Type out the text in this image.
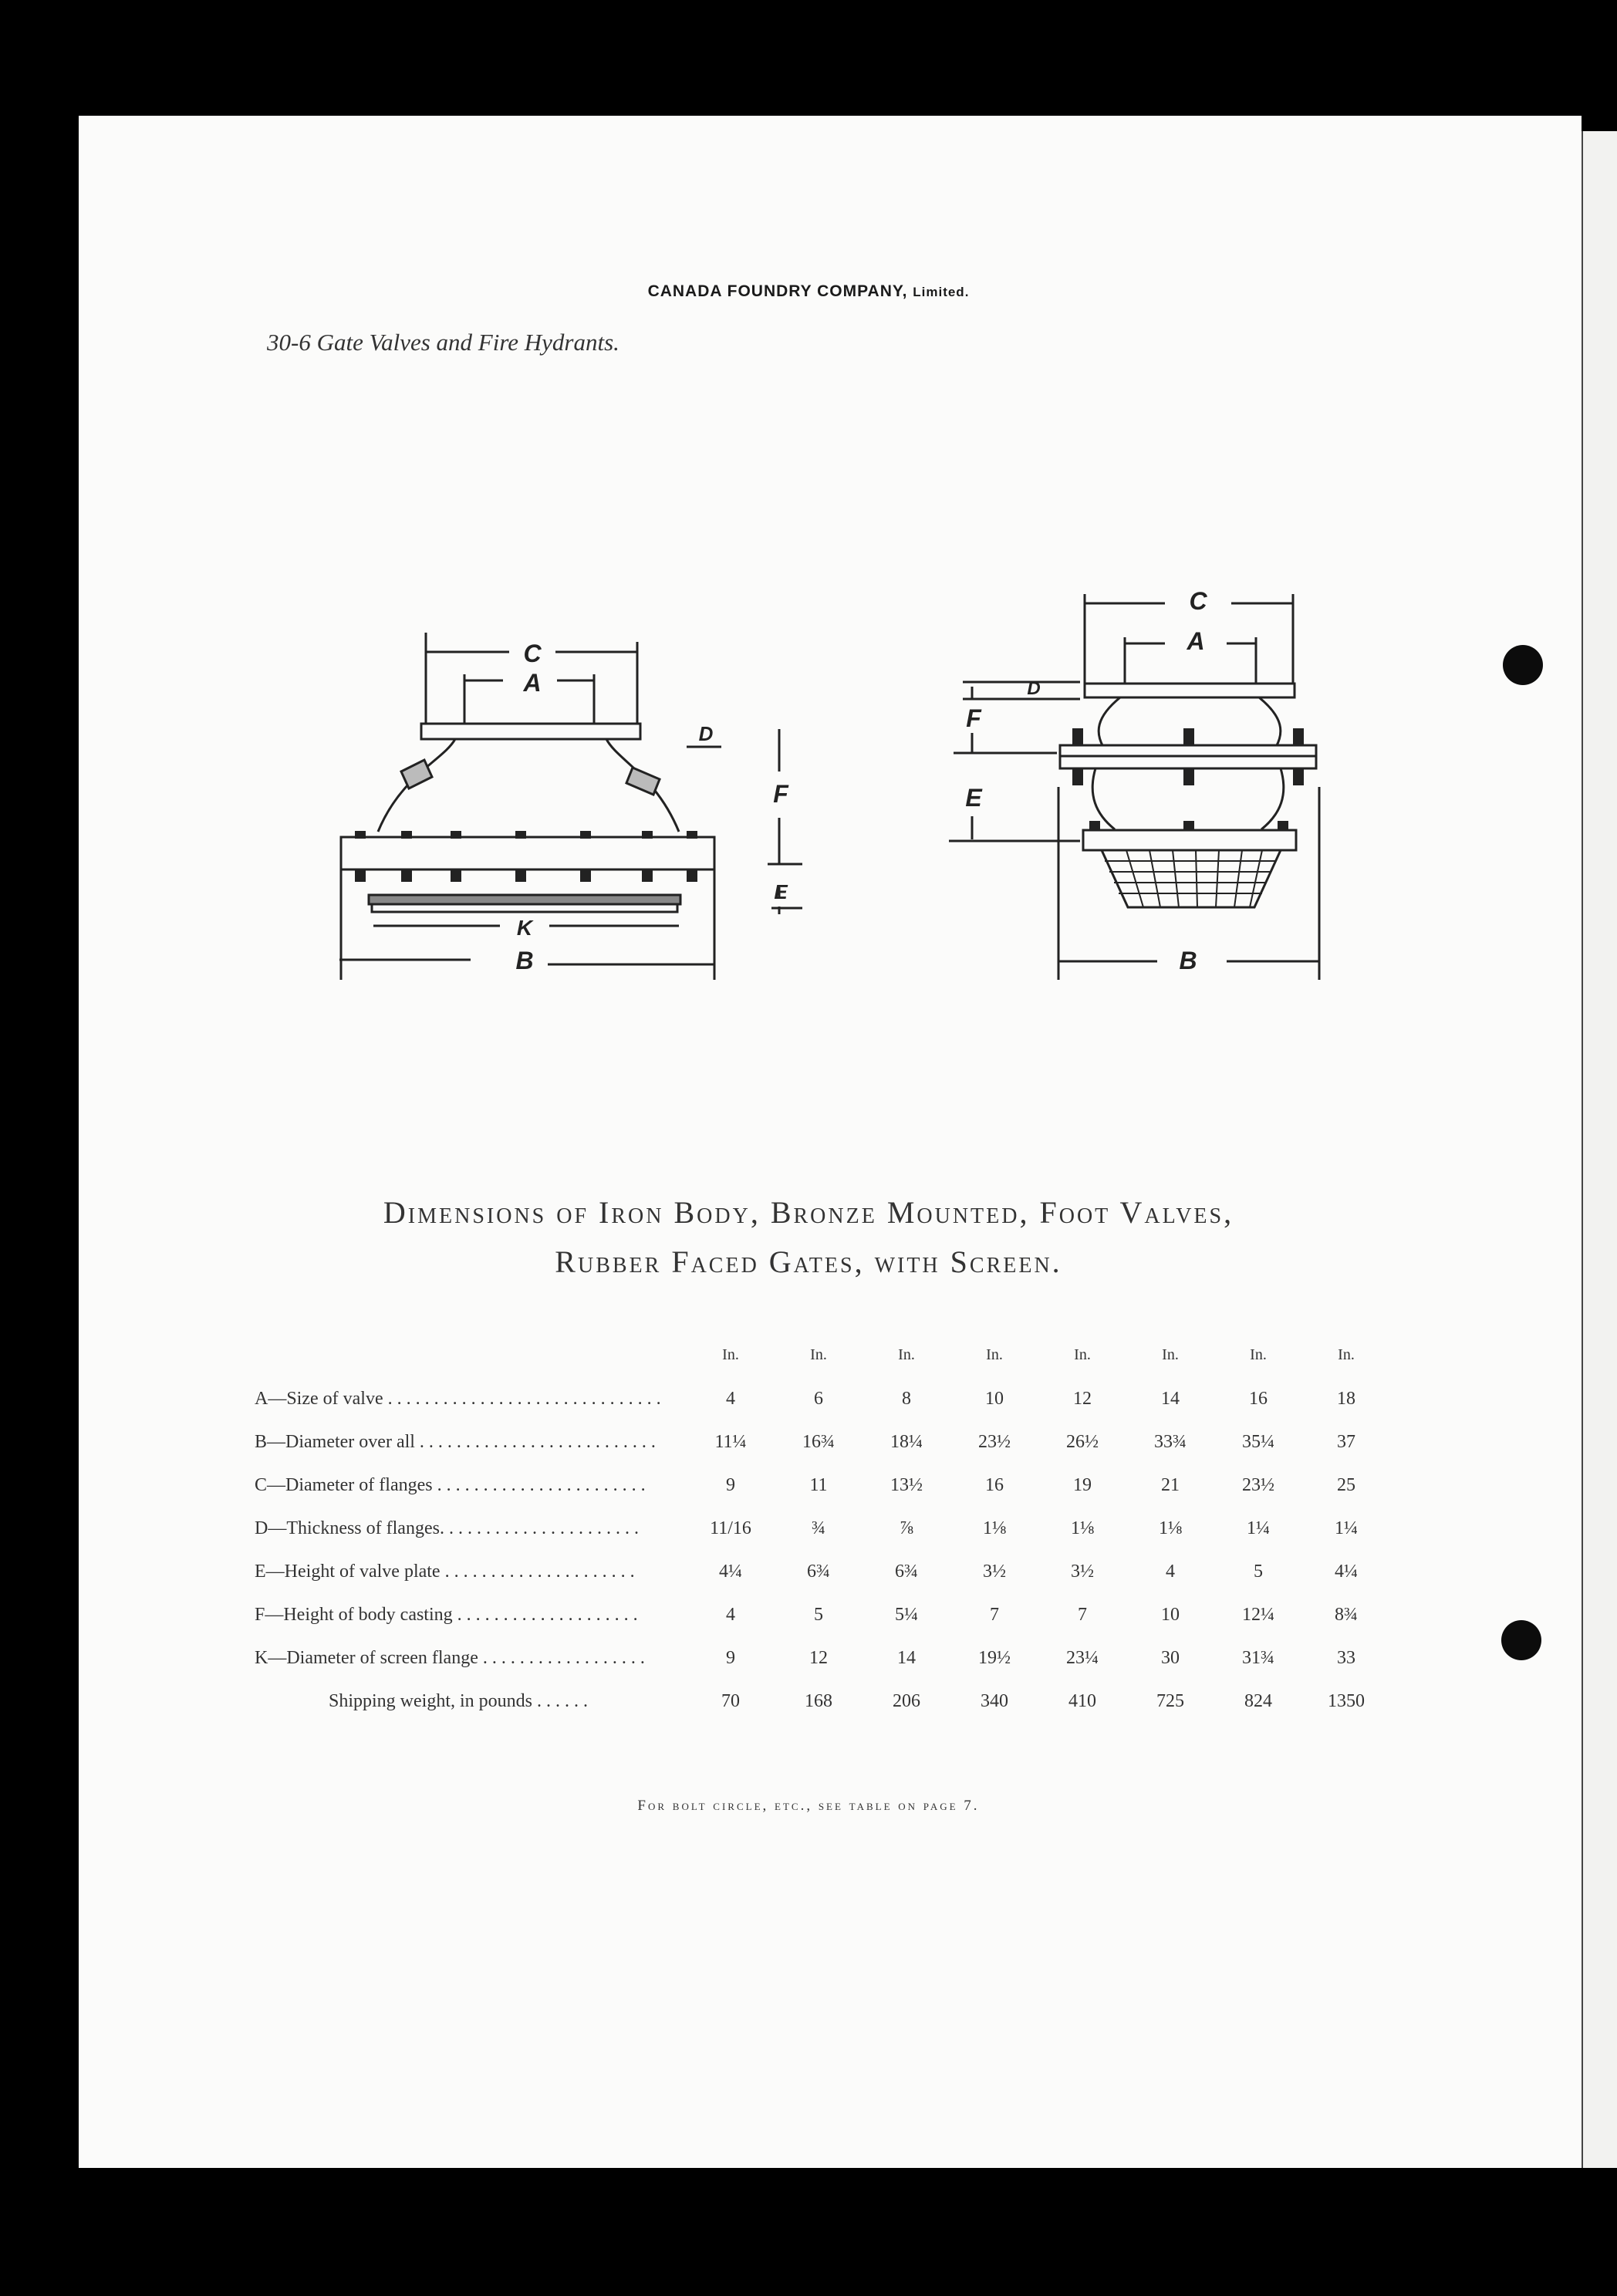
CANADA FOUNDRY COMPANY, Limited.
30-6 Gate Valves and Fire Hydrants.
C
A
D
F
E
K
B
C
A
D
F
E
B
Dimensions of Iron Body, Bronze Mounted, Foot Valves,
Rubber Faced Gates, with Screen.
	In.	In.	In.	In.	In.	In.	In.	In.
A—Size of valve . . . . . . . . . . . . . . . . . . . . . . . . . . . . . .	4	6	8	10	12	14	16	18
B—Diameter over all . . . . . . . . . . . . . . . . . . . . . . . . . .	11¼	16¾	18¼	23½	26½	33¾	35¼	37
C—Diameter of flanges . . . . . . . . . . . . . . . . . . . . . . .	9	11	13½	16	19	21	23½	25
D—Thickness of flanges. . . . . . . . . . . . . . . . . . . . . .	11/16	¾	⅞	1⅛	1⅛	1⅛	1¼	1¼
E—Height of valve plate . . . . . . . . . . . . . . . . . . . . .	4¼	6¾	6¾	3½	3½	4	5	4¼
F—Height of body casting . . . . . . . . . . . . . . . . . . . .	4	5	5¼	7	7	10	12¼	8¾
K—Diameter of screen flange . . . . . . . . . . . . . . . . . .	9	12	14	19½	23¼	30	31¾	33
Shipping weight, in pounds . . . . . .	70	168	206	340	410	725	824	1350
For bolt circle, etc., see table on page 7.
